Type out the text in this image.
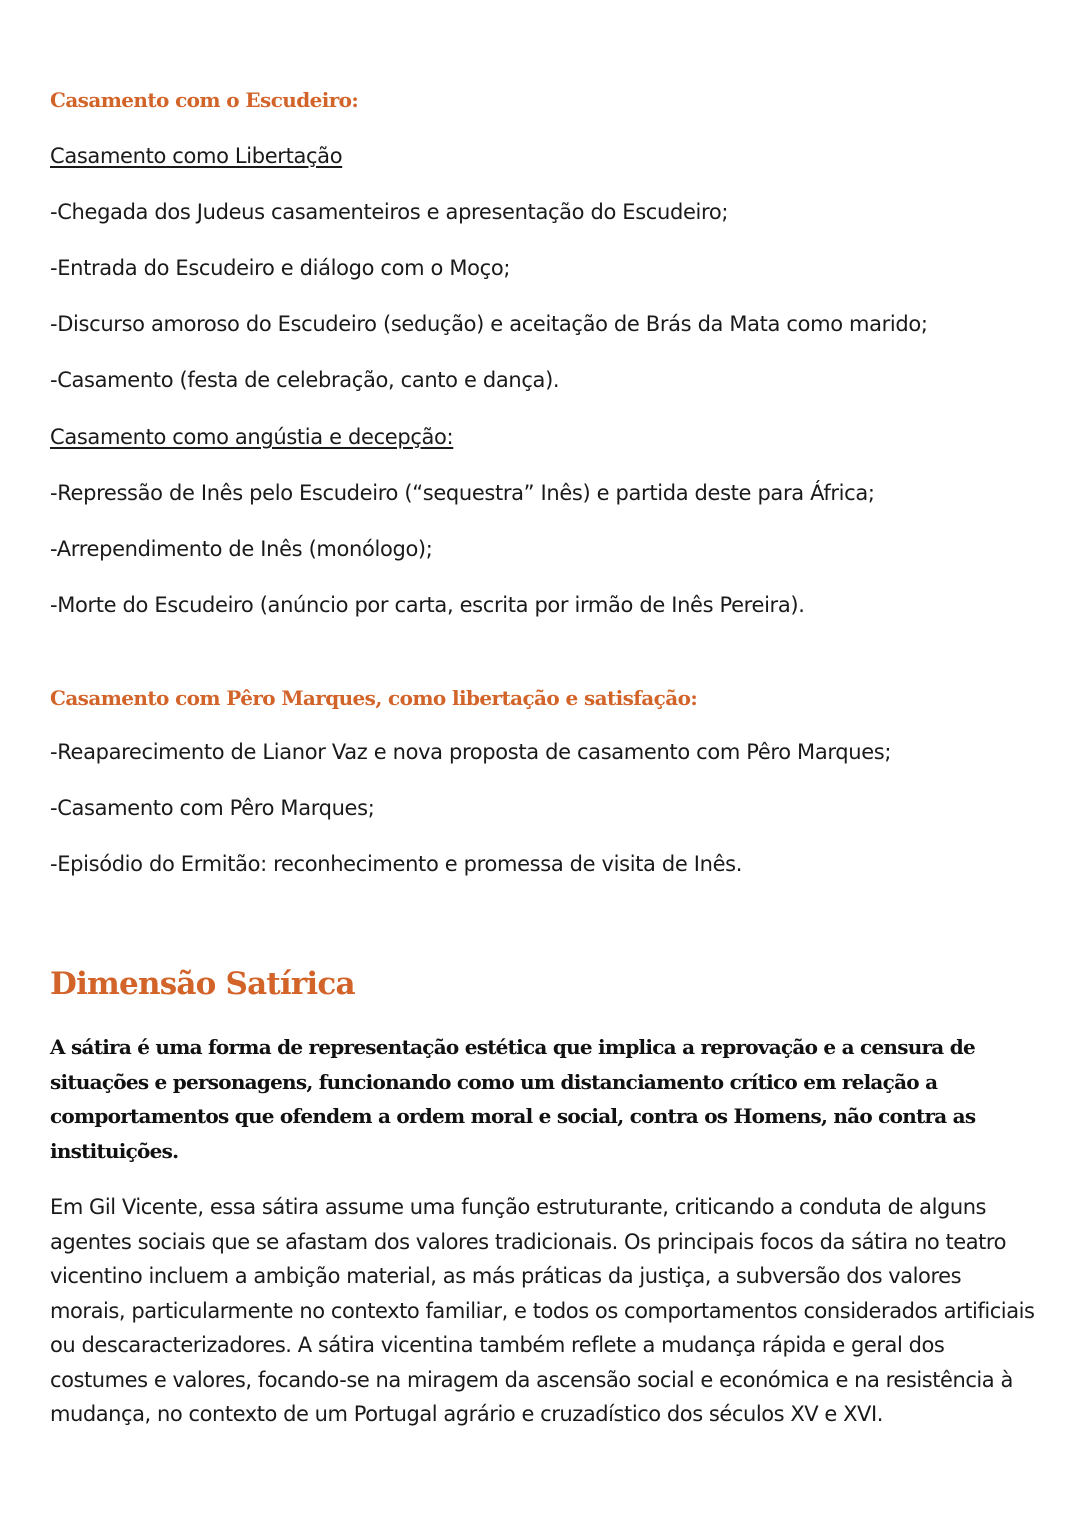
Casamento com o Escudeiro:
Casamento como Libertação
-Chegada dos Judeus casamenteiros e apresentação do Escudeiro;
-Entrada do Escudeiro e diálogo com o Moço;
-Discurso amoroso do Escudeiro (sedução) e aceitação de Brás da Mata como marido;
-Casamento (festa de celebração, canto e dança).
Casamento como angústia e decepção:
-Repressão de Inês pelo Escudeiro (“sequestra” Inês) e partida deste para África;
-Arrependimento de Inês (monólogo);
-Morte do Escudeiro (anúncio por carta, escrita por irmão de Inês Pereira).
Casamento com Pêro Marques, como libertação e satisfação:
-Reaparecimento de Lianor Vaz e nova proposta de casamento com Pêro Marques;
-Casamento com Pêro Marques;
-Episódio do Ermitão: reconhecimento e promessa de visita de Inês.
Dimensão Satírica
A sátira é uma forma de representação estética que implica a reprovação e a censura de situações e personagens, funcionando como um distanciamento crítico em relação a comportamentos que ofendem a ordem moral e social, contra os Homens, não contra as instituições.
Em Gil Vicente, essa sátira assume uma função estruturante, criticando a conduta de alguns agentes sociais que se afastam dos valores tradicionais. Os principais focos da sátira no teatro vicentino incluem a ambição material, as más práticas da justiça, a subversão dos valores morais, particularmente no contexto familiar, e todos os comportamentos considerados artificiais ou descaracterizadores. A sátira vicentina também reflete a mudança rápida e geral dos costumes e valores, focando-se na miragem da ascensão social e económica e na resistência à mudança, no contexto de um Portugal agrário e cruzadístico dos séculos XV e XVI.
